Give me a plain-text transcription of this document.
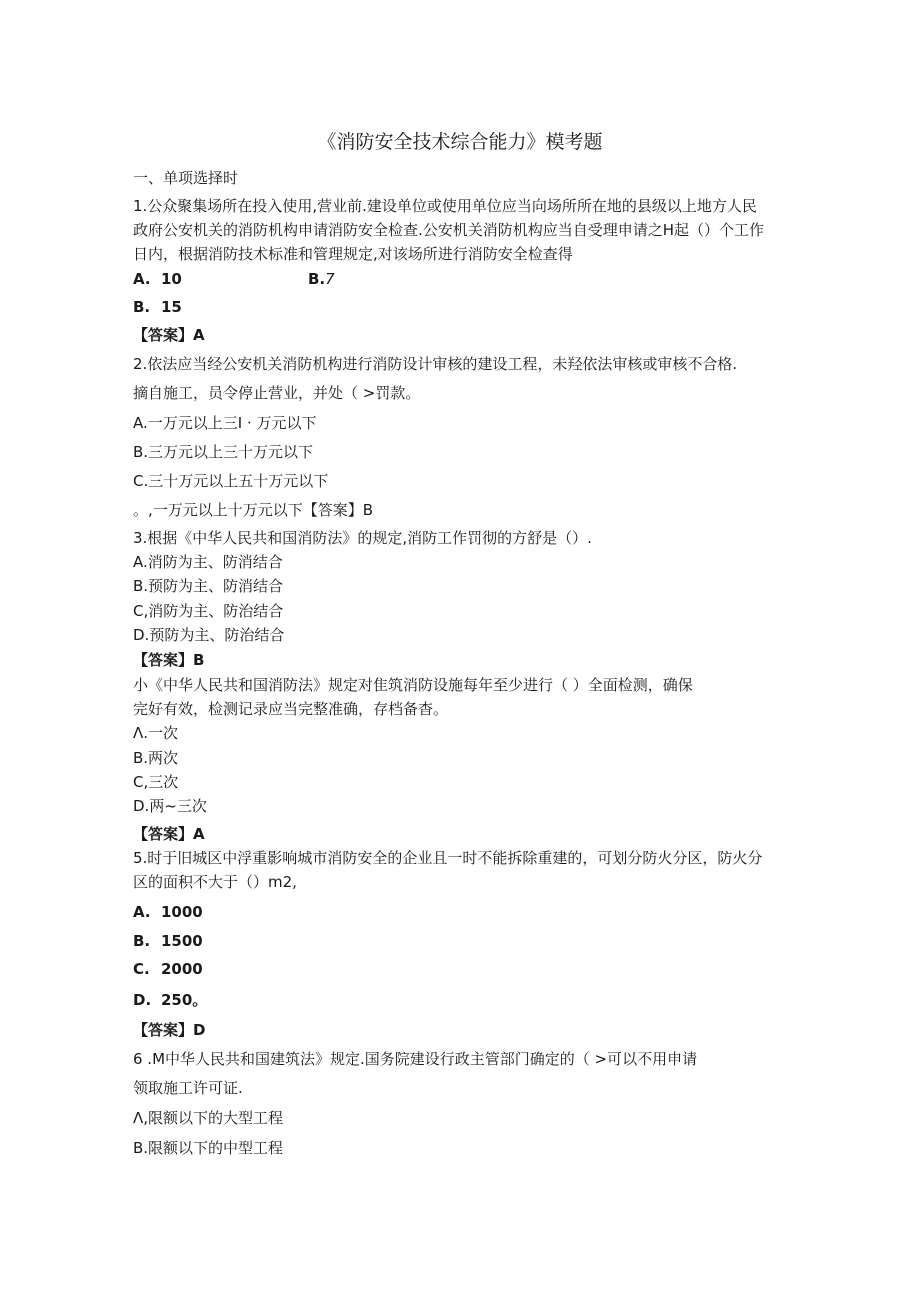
《消防安全技术综合能力》模考题

一、单项选择时

1.公众聚集场所在投入使用,营业前.建设单位或使用单位应当向场所所在地的县级以上地方人民

政府公安机关的消防机构申请消防安全检查.公安机关消防机构应当自受理申请之H起（）个工作

日内，根据消防技术标准和管理规定,对该场所进行消防安全检查得

A. 10	B.7

B. 15

【答案】A

2.依法应当经公安机关消防机构进行消防设计审核的建设工程，未羟依法审核或审核不合格.

摘自施工，员令停止营业，并处（ >罚款。

A.一万元以上三I · 万元以下

B.三万元以上三十万元以下

C.三十万元以上五十万元以下

。,一万元以上十万元以下【答案】B

3.根据《中华人民共和国消防法》的规定,消防工作罚彻的方舒是（）.

A.消防为主、防消结合

B.预防为主、防消结合

C,消防为主、防治结合

D.预防为主、防治结合

【答案】B

小《中华人民共和国消防法》规定对隹筑消防设施每年至少进行（ ）全面检测，确保

完好有效，检测记录应当完整准确，存档备杳。

Λ.一次

B.两次

C,三次

D.两~三次

【答案】A

5.时于旧城区中浮重影响城市消防安全的企业且一时不能拆除重建的，可划分防火分区，防火分

区的面积不大于（）m2,

A. 1000

B. 1500

C. 2000

D. 250。

【答案】D

6 .M中华人民共和国建筑法》规定.国务院建设行政主管部门确定的（ >可以不用申请

领取施工许可证.

Λ,限额以下的大型工程

B.限额以下的中型工程
